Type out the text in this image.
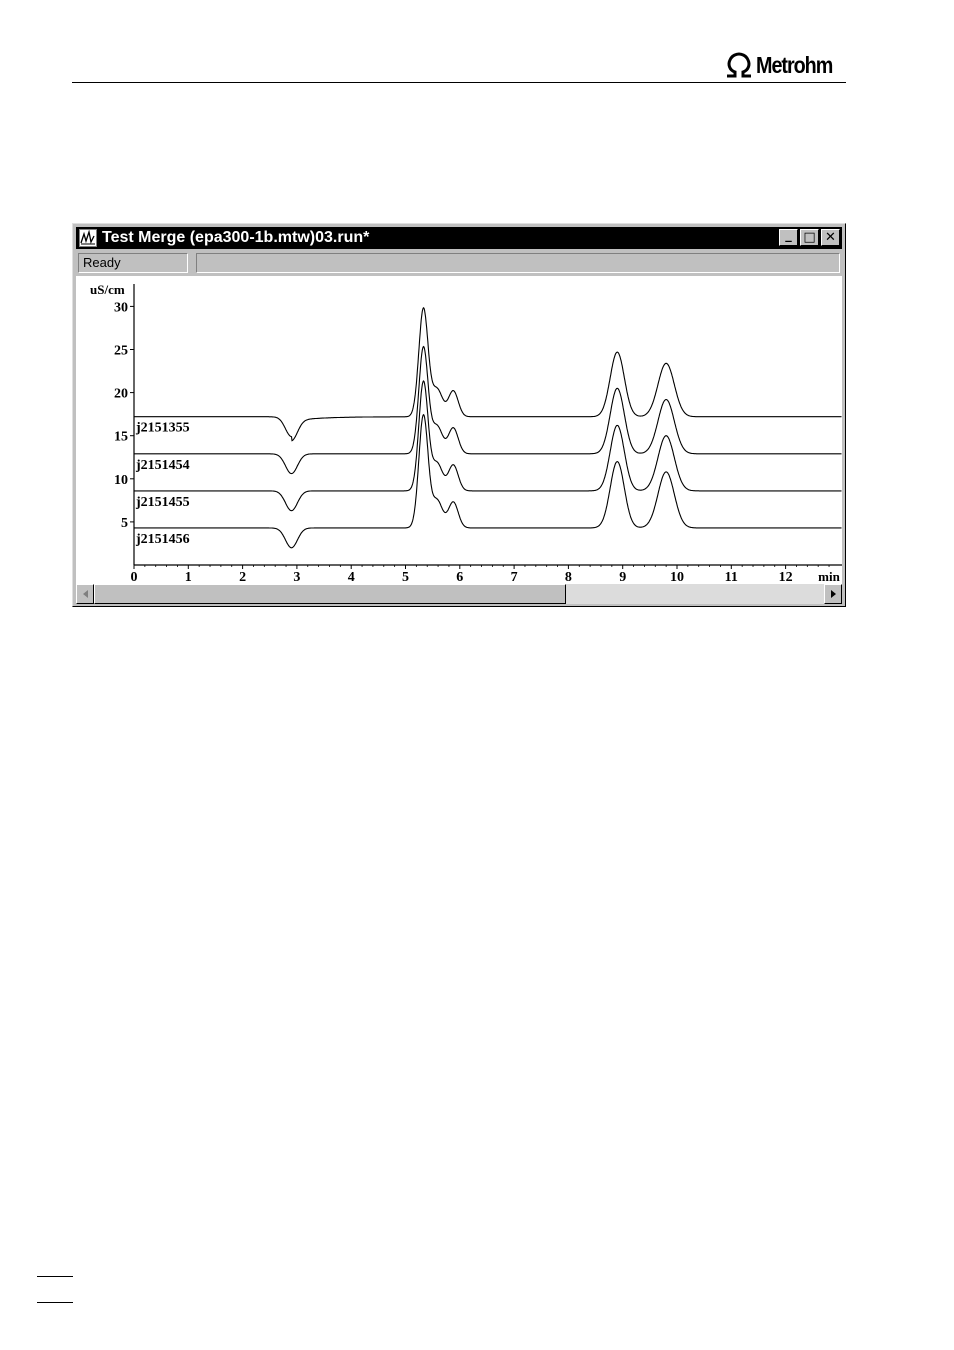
Metrohm
Test Merge (epa300-1b.mtw)03.run*	_ □ ✕
Ready
5
10
15
20
25
30
uS/cm
0	1	2	3	4	5	6	7	8	9	10	11	12 min
j2151355
j2151454
j2151455
j2151456
